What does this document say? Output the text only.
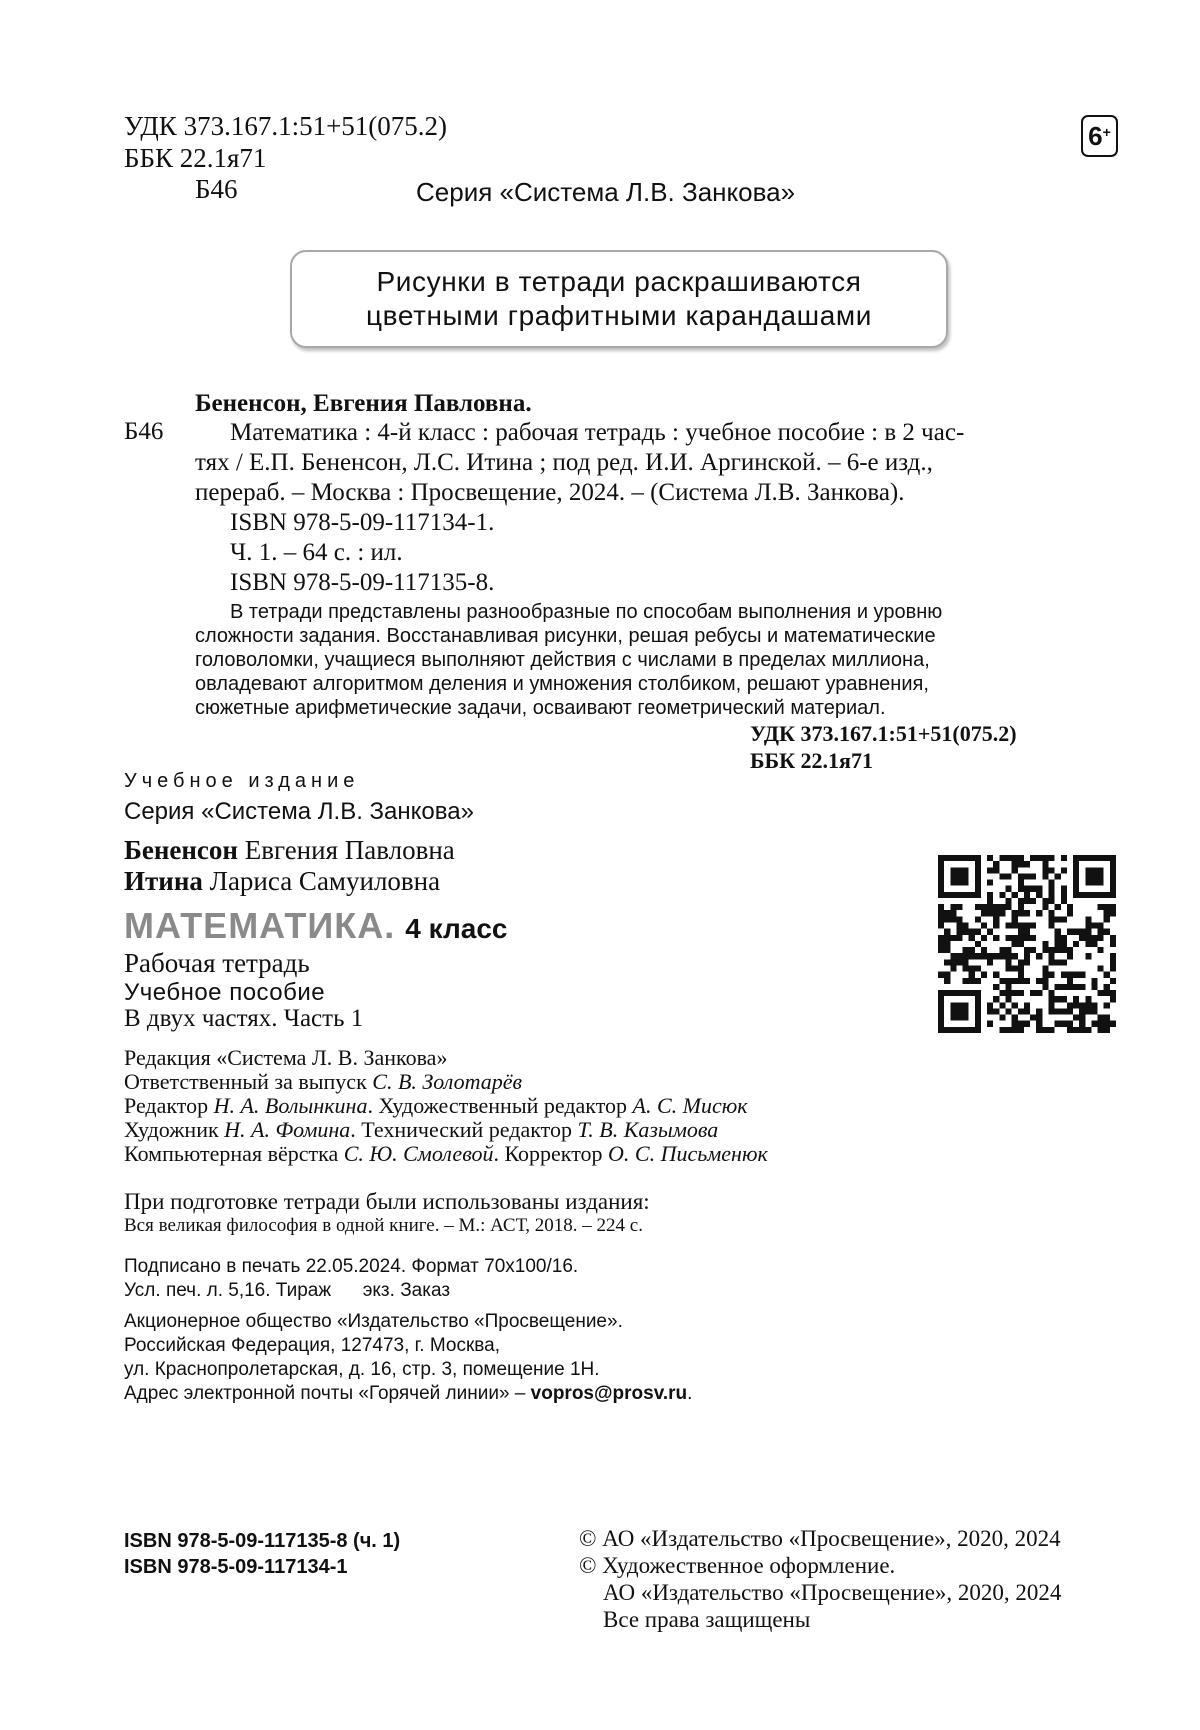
УДК 373.167.1:51+51(075.2)
ББК 22.1я71
6+
Б46	Серия «Система Л.В. Занкова»
Рисунки в тетради раскрашиваются
цветными графитными карандашами
Бененсон, Евгения Павловна.
Б46	Математика : 4-й класс : рабочая тетрадь : учебное пособие : в 2 час-
тях / Е.П. Бененсон, Л.С. Итина ; под ред. И.И. Аргинской. – 6-е изд.,
перераб. – Москва : Просвещение, 2024. – (Система Л.В. Занкова).
ISBN 978-5-09-117134-1.
Ч. 1. – 64 с. : ил.
ISBN 978-5-09-117135-8.
В тетради представлены разнообразные по способам выполнения и уровню
сложности задания. Восстанавливая рисунки, решая ребусы и математические
головоломки, учащиеся выполняют действия с числами в пределах миллиона,
овладевают алгоритмом деления и умножения столбиком, решают уравнения,
сюжетные арифметические задачи, осваивают геометрический материал.
УДК 373.167.1:51+51(075.2)
ББК 22.1я71
Учебное издание
Серия «Система Л.В. Занкова»
Бененсон Евгения Павловна
Итина Лариса Самуиловна
МАТЕМАТИКА. 4 класс
Рабочая тетрадь
Учебное пособие
В двух частях. Часть 1
Редакция «Система Л. В. Занкова»
Ответственный за выпуск С. В. Золотарёв
Редактор Н. А. Волынкина. Художественный редактор А. С. Мисюк
Художник Н. А. Фомина. Технический редактор Т. В. Казымова
Компьютерная вёрстка С. Ю. Смолевой. Корректор О. С. Письменюк
При подготовке тетради были использованы издания:
Вся великая философия в одной книге. – М.: АСТ, 2018. – 224 с.
Подписано в печать 22.05.2024. Формат 70х100/16.
Усл. печ. л. 5,16. Тираж      экз. Заказ
Акционерное общество «Издательство «Просвещение».
Российская Федерация, 127473, г. Москва,
ул. Краснопролетарская, д. 16, стр. 3, помещение 1Н.
Адрес электронной почты «Горячей линии» – vopros@prosv.ru.
ISBN 978-5-09-117135-8 (ч. 1)
ISBN 978-5-09-117134-1
© АО «Издательство «Просвещение», 2020, 2024
© Художественное оформление.
АО «Издательство «Просвещение», 2020, 2024
Все права защищены
